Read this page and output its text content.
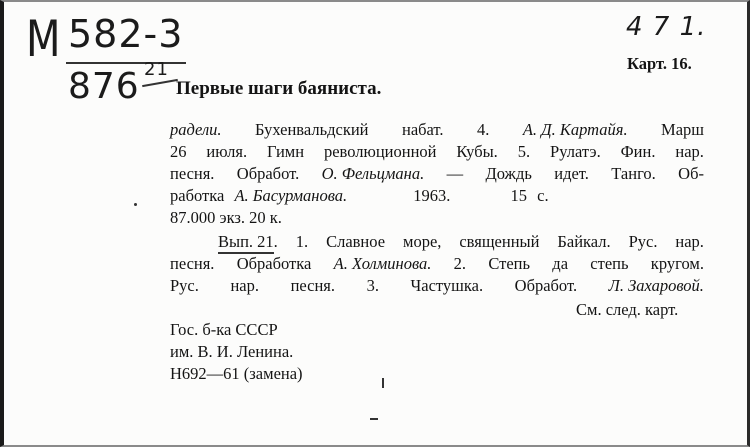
М 582-3
876 21
4 7 1.
Карт. 16.
Первые шаги баяниста.
радели. Бухенвальдский набат. 4. А. Д. Картайя. Марш
26 июля. Гимн революционной Кубы. 5. Рулатэ. Фин. нар.
песня. Обработ. О. Фельцмана. — Дождь идет. Танго. Об-
работка А. Басурманова.	1963.	15 с.
87.000 экз. 20 к.
Вып. 21. 1. Славное море, священный Байкал. Рус. нар.
песня. Обработка А. Холминова. 2. Степь да степь кругом.
Рус. нар. песня. 3. Частушка. Обработ. Л. Захаровой.
См. след. карт.
Гос. б-ка СССР
им. В. И. Ленина.
Н692—61 (замена)
